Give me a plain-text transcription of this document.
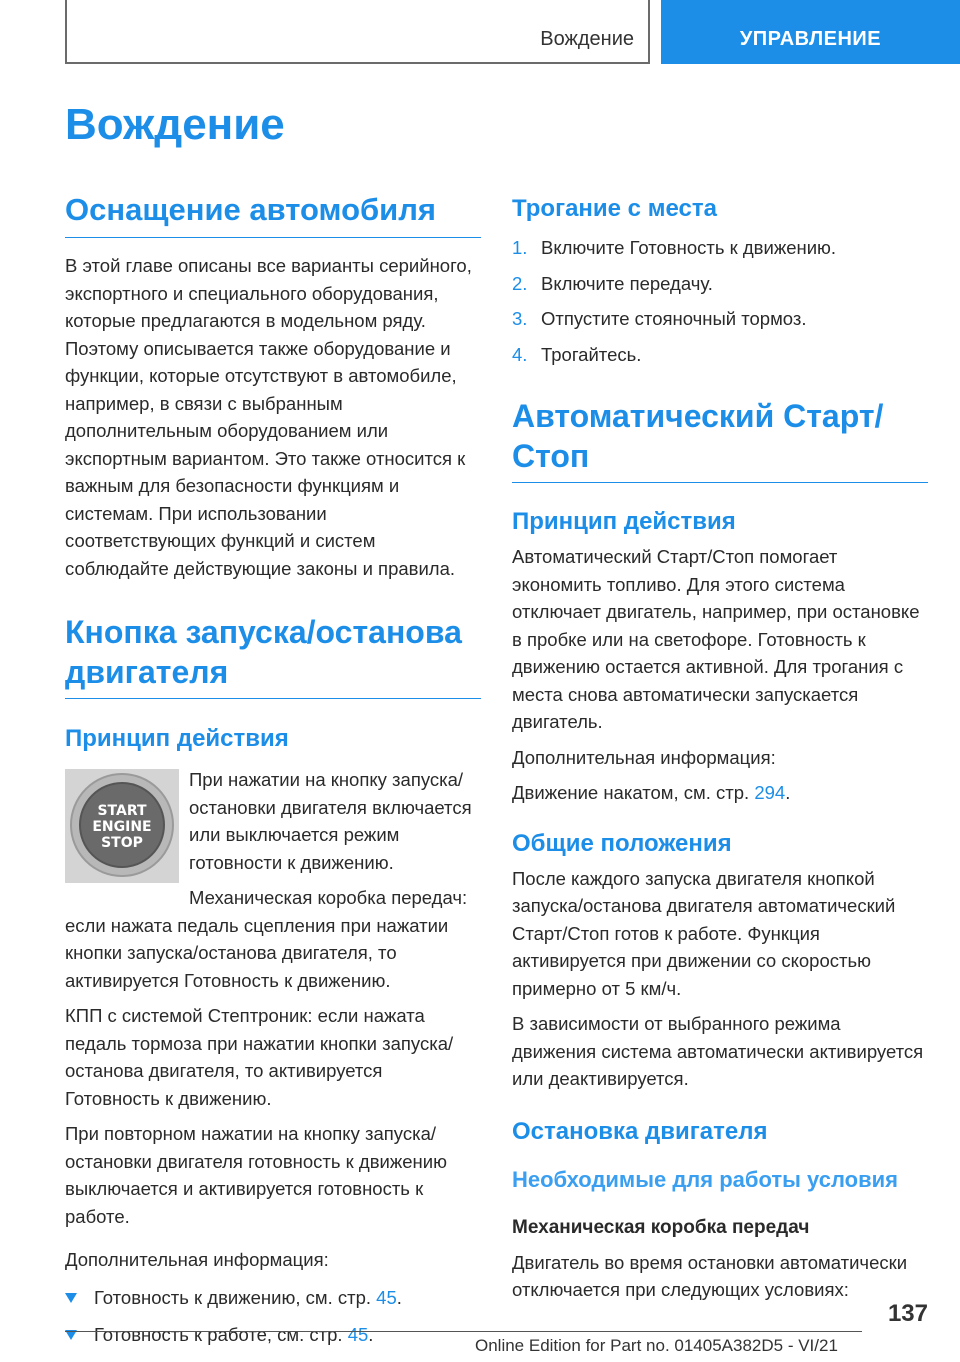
Вождение	УПРАВЛЕНИЕ
Вождение
Оснащение автомобиля

В этой главе описаны все варианты серийного, экспортного и специального оборудования, которые предлагаются в модельном ряду. Поэтому описывается также оборудование и функции, которые отсутствуют в автомобиле, например, в связи с выбранным дополнительным оборудованием или экспортным вариантом. Это также относится к важным для безопасности функциям и системам. При использовании соответствующих функций и систем соблюдайте действующие законы и правила.

Кнопка запуска/останова двигателя
Принцип действия
START
ENGINE
STOP

При нажатии на кнопку запуска/остановки двигателя включается или выключается режим готовности к движению.

Механическая коробка передач: если нажата педаль сцепления при нажатии кнопки запуска/останова двигателя, то активируется Готовность к движению.

КПП с системой Стептроник: если нажата педаль тормоза при нажатии кнопки запуска/останова двигателя, то активируется Готовность к движению.

При повторном нажатии на кнопку запуска/остановки двигателя готовность к движению выключается и активируется готовность к работе.

Дополнительная информация:

Готовность к движению, см. стр. 45.
Готовность к работе, см. стр. 45.
Трогание с места
1. Включите Готовность к движению.
2. Включите передачу.
3. Отпустите стояночный тормоз.
4. Трогайтесь.
Автоматический Старт/Стоп
Принцип действия

Автоматический Старт/Стоп помогает экономить топливо. Для этого система отключает двигатель, например, при остановке в пробке или на светофоре. Готовность к движению остается активной. Для трогания с места снова автоматически запускается двигатель.

Дополнительная информация:

Движение накатом, см. стр. 294.

Общие положения

После каждого запуска двигателя кнопкой запуска/останова двигателя автоматический Старт/Стоп готов к работе. Функция активируется при движении со скоростью примерно от 5 км/ч.

В зависимости от выбранного режима движения система автоматически активируется или деактивируется.

Остановка двигателя
Необходимые для работы условия
Механическая коробка передач

Двигатель во время остановки автоматически отключается при следующих условиях:

137
Online Edition for Part no. 01405A382D5 - VI/21
